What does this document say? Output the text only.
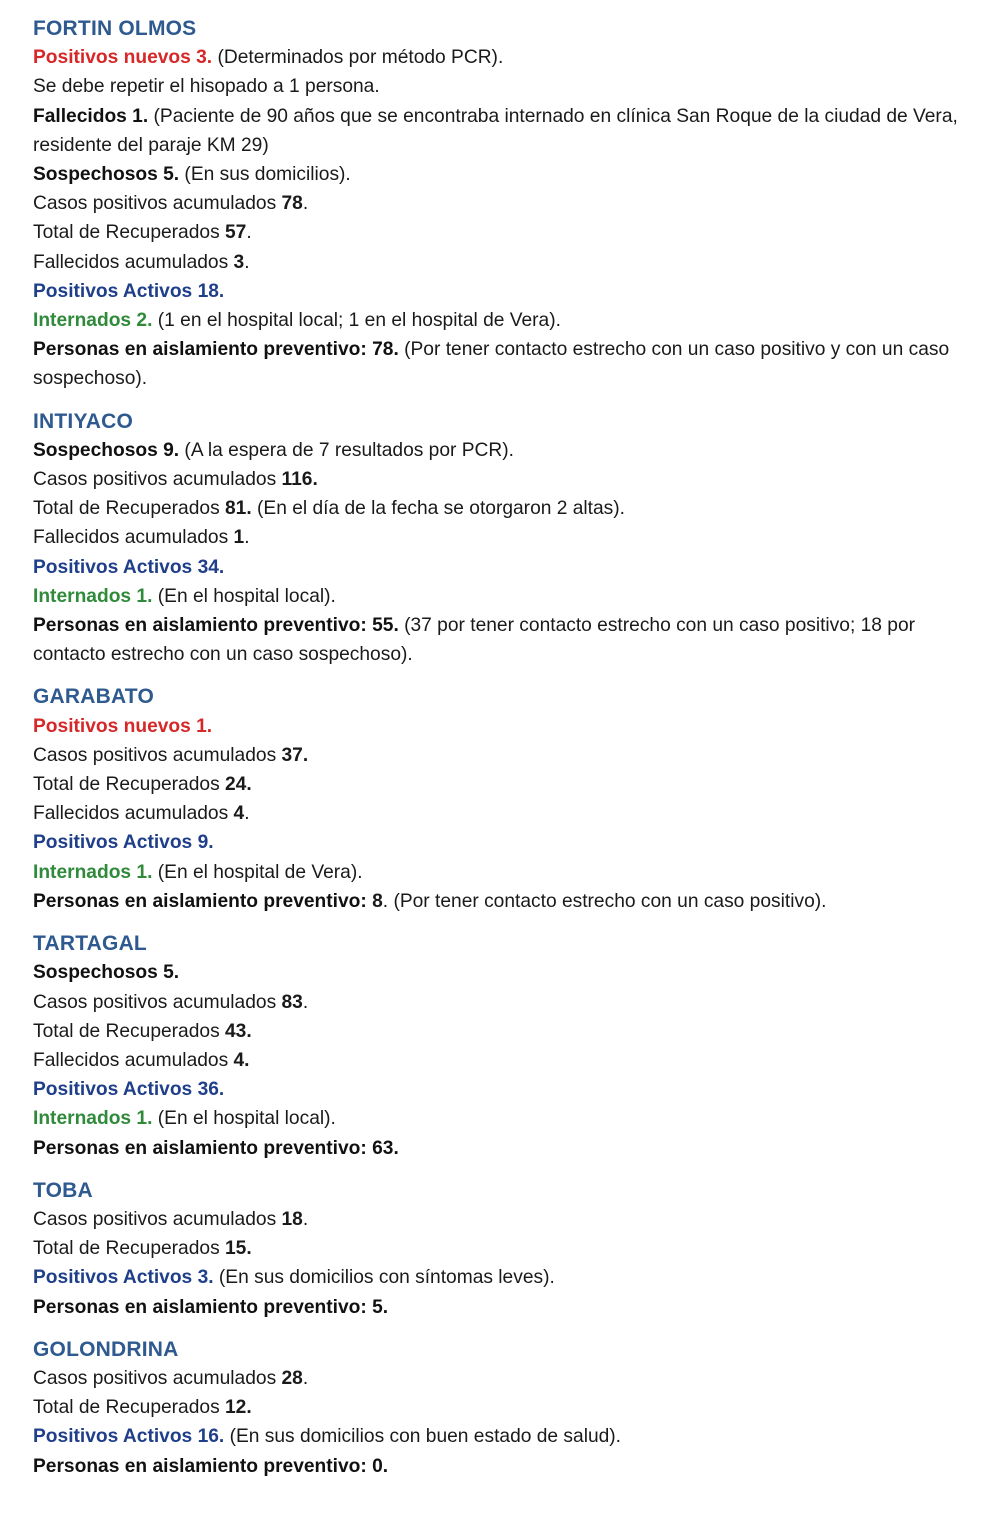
FORTIN OLMOS
Positivos nuevos 3. (Determinados por método PCR).
Se debe repetir el hisopado a 1 persona.
Fallecidos 1. (Paciente de 90 años que se encontraba internado en clínica San Roque de la ciudad de Vera, residente del paraje KM 29)
Sospechosos 5. (En sus domicilios).
Casos positivos acumulados 78.
Total de Recuperados 57.
Fallecidos acumulados 3.
Positivos Activos 18.
Internados 2. (1 en el hospital local; 1 en el hospital de Vera).
Personas en aislamiento preventivo: 78. (Por tener contacto estrecho con un caso positivo y con un caso sospechoso).
INTIYACO
Sospechosos 9. (A la espera de 7 resultados por PCR).
Casos positivos acumulados 116.
Total de Recuperados 81. (En el día de la fecha se otorgaron 2 altas).
Fallecidos acumulados 1.
Positivos Activos 34.
Internados 1. (En el hospital local).
Personas en aislamiento preventivo: 55. (37 por tener contacto estrecho con un caso positivo; 18 por contacto estrecho con un caso sospechoso).
GARABATO
Positivos nuevos 1.
Casos positivos acumulados 37.
Total de Recuperados 24.
Fallecidos acumulados 4.
Positivos Activos 9.
Internados 1. (En el hospital de Vera).
Personas en aislamiento preventivo: 8. (Por tener contacto estrecho con un caso positivo).
TARTAGAL
Sospechosos 5.
Casos positivos acumulados 83.
Total de Recuperados 43.
Fallecidos acumulados 4.
Positivos Activos 36.
Internados 1. (En el hospital local).
Personas en aislamiento preventivo: 63.
TOBA
Casos positivos acumulados 18.
Total de Recuperados 15.
Positivos Activos 3. (En sus domicilios con síntomas leves).
Personas en aislamiento preventivo: 5.
GOLONDRINA
Casos positivos acumulados 28.
Total de Recuperados 12.
Positivos Activos 16. (En sus domicilios con buen estado de salud).
Personas en aislamiento preventivo: 0.
